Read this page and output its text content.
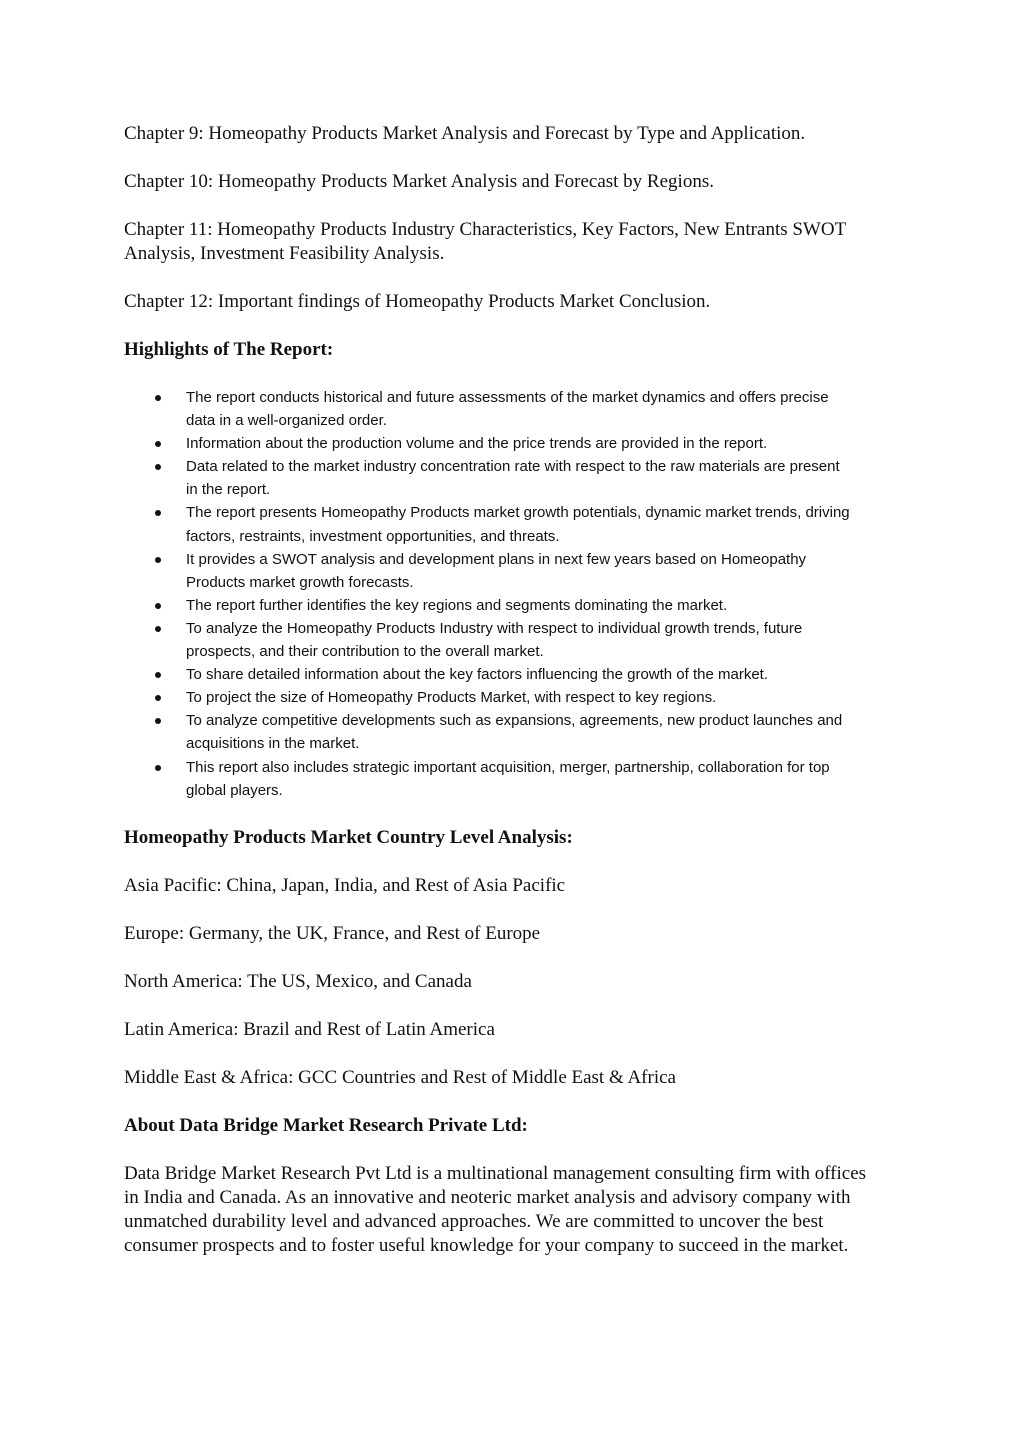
Chapter 9: Homeopathy Products Market Analysis and Forecast by Type and Application.

Chapter 10: Homeopathy Products Market Analysis and Forecast by Regions.

Chapter 11: Homeopathy Products Industry Characteristics, Key Factors, New Entrants SWOT Analysis, Investment Feasibility Analysis.

Chapter 12: Important findings of Homeopathy Products Market Conclusion.

Highlights of The Report:

The report conducts historical and future assessments of the market dynamics and offers precise data in a well-organized order.
Information about the production volume and the price trends are provided in the report.
Data related to the market industry concentration rate with respect to the raw materials are present in the report.
The report presents Homeopathy Products market growth potentials, dynamic market trends, driving factors, restraints, investment opportunities, and threats.
It provides a SWOT analysis and development plans in next few years based on Homeopathy Products market growth forecasts.
The report further identifies the key regions and segments dominating the market.
To analyze the Homeopathy Products Industry with respect to individual growth trends, future prospects, and their contribution to the overall market.
To share detailed information about the key factors influencing the growth of the market.
To project the size of Homeopathy Products Market, with respect to key regions.
To analyze competitive developments such as expansions, agreements, new product launches and acquisitions in the market.
This report also includes strategic important acquisition, merger, partnership, collaboration for top global players.

Homeopathy Products Market Country Level Analysis:

Asia Pacific: China, Japan, India, and Rest of Asia Pacific

Europe: Germany, the UK, France, and Rest of Europe

North America: The US, Mexico, and Canada

Latin America: Brazil and Rest of Latin America

Middle East & Africa: GCC Countries and Rest of Middle East & Africa

About Data Bridge Market Research Private Ltd:

Data Bridge Market Research Pvt Ltd is a multinational management consulting firm with offices in India and Canada. As an innovative and neoteric market analysis and advisory company with unmatched durability level and advanced approaches. We are committed to uncover the best consumer prospects and to foster useful knowledge for your company to succeed in the market.
